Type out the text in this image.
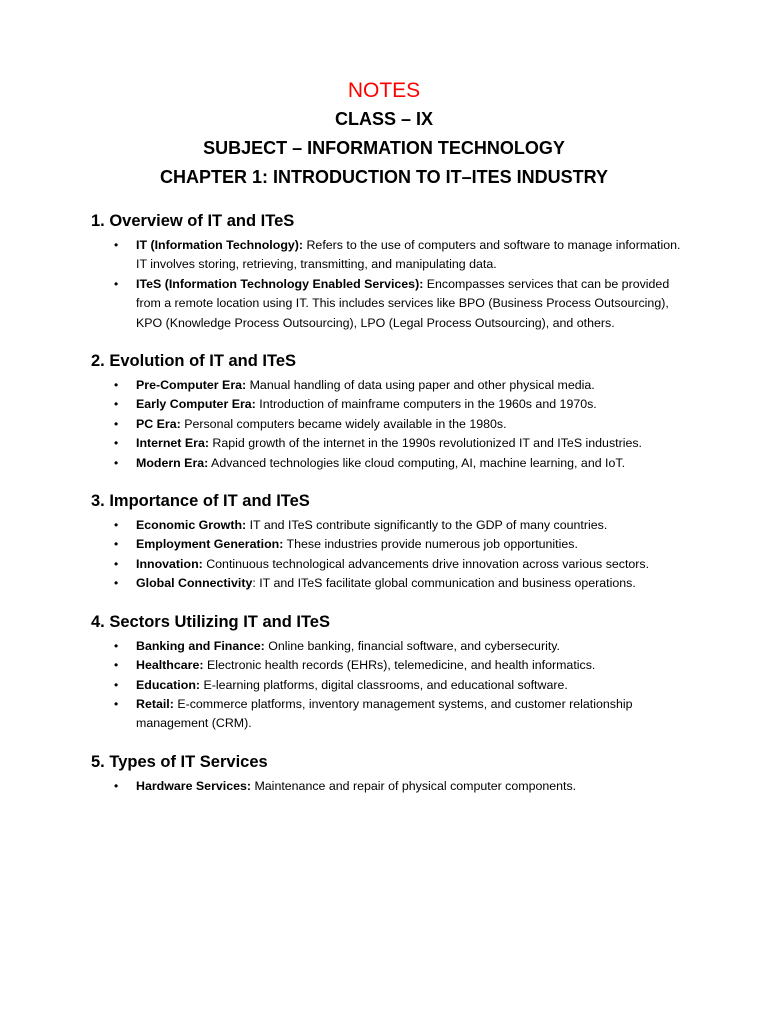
NOTES
CLASS – IX
SUBJECT – INFORMATION TECHNOLOGY
CHAPTER 1: INTRODUCTION TO IT–ITES INDUSTRY
1. Overview of IT and ITeS
• IT (Information Technology): Refers to the use of computers and software to manage information. IT involves storing, retrieving, transmitting, and manipulating data.
• ITeS (Information Technology Enabled Services): Encompasses services that can be provided from a remote location using IT. This includes services like BPO (Business Process Outsourcing), KPO (Knowledge Process Outsourcing), LPO (Legal Process Outsourcing), and others.
2. Evolution of IT and ITeS
• Pre-Computer Era: Manual handling of data using paper and other physical media.
• Early Computer Era: Introduction of mainframe computers in the 1960s and 1970s.
• PC Era: Personal computers became widely available in the 1980s.
• Internet Era: Rapid growth of the internet in the 1990s revolutionized IT and ITeS industries.
• Modern Era: Advanced technologies like cloud computing, AI, machine learning, and IoT.
3. Importance of IT and ITeS
• Economic Growth: IT and ITeS contribute significantly to the GDP of many countries.
• Employment Generation: These industries provide numerous job opportunities.
• Innovation: Continuous technological advancements drive innovation across various sectors.
• Global Connectivity: IT and ITeS facilitate global communication and business operations.
4. Sectors Utilizing IT and ITeS
• Banking and Finance: Online banking, financial software, and cybersecurity.
• Healthcare: Electronic health records (EHRs), telemedicine, and health informatics.
• Education: E-learning platforms, digital classrooms, and educational software.
• Retail: E-commerce platforms, inventory management systems, and customer relationship management (CRM).
5. Types of IT Services
• Hardware Services: Maintenance and repair of physical computer components.
